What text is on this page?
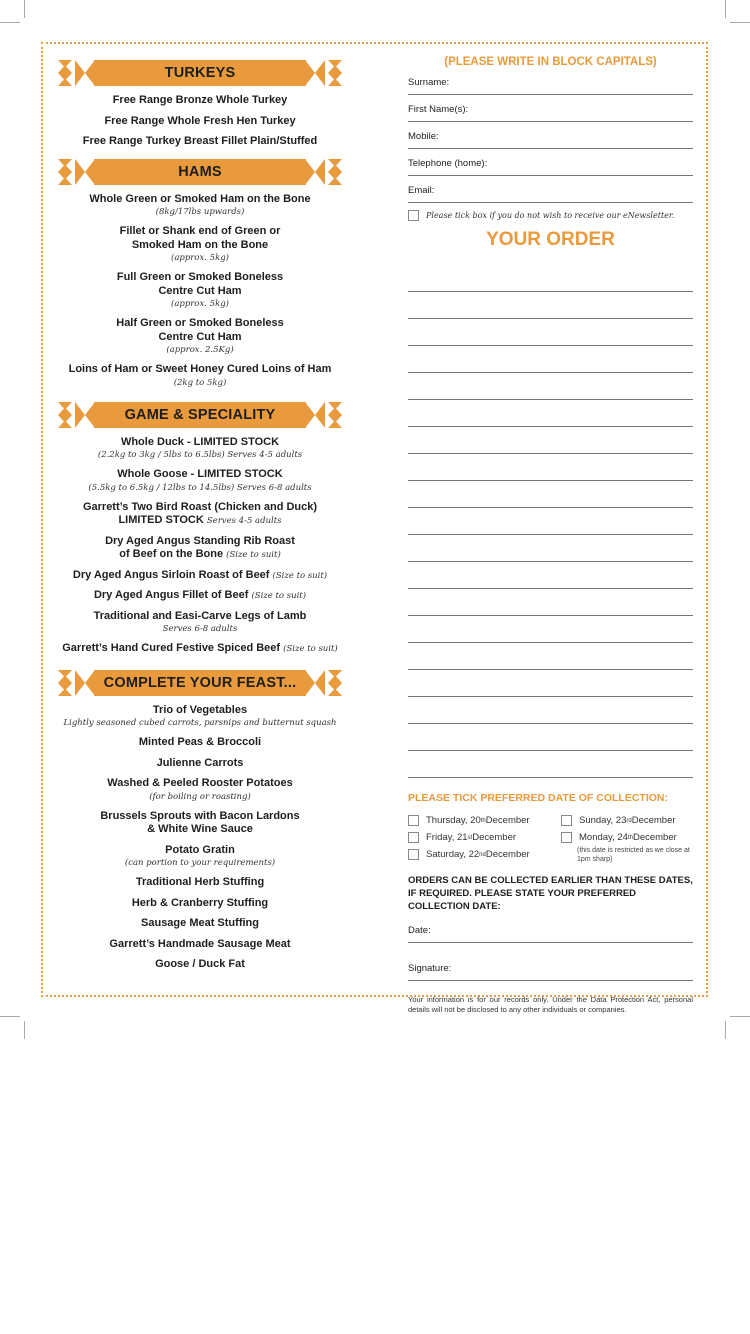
TURKEYS
Free Range Bronze Whole Turkey
Free Range Whole Fresh Hen Turkey
Free Range Turkey Breast Fillet Plain/Stuffed
HAMS
Whole Green or Smoked Ham on the Bone
(8kg/17lbs upwards)
Fillet or Shank end of Green or
Smoked Ham on the Bone
(approx. 5kg)
Full Green or Smoked Boneless
Centre Cut Ham
(approx. 5kg)
Half Green or Smoked Boneless
Centre Cut Ham
(approx. 2.5Kg)
Loins of Ham or Sweet Honey Cured Loins of Ham
(2kg to 5kg)
GAME & SPECIALITY
Whole Duck - LIMITED STOCK
(2.2kg to 3kg / 5lbs to 6.5lbs) Serves 4-5 adults
Whole Goose - LIMITED STOCK
(5.5kg to 6.5kg / 12lbs to 14.5lbs) Serves 6-8 adults
Garrett’s Two Bird Roast (Chicken and Duck)
LIMITED STOCK Serves 4-5 adults
Dry Aged Angus Standing Rib Roast
of Beef on the Bone (Size to suit)
Dry Aged Angus Sirloin Roast of Beef (Size to suit)
Dry Aged Angus Fillet of Beef (Size to suit)
Traditional and Easi-Carve Legs of Lamb
Serves 6-8 adults
Garrett’s Hand Cured Festive Spiced Beef (Size to suit)
COMPLETE YOUR FEAST...
Trio of Vegetables
Lightly seasoned cubed carrots, parsnips and butternut squash
Minted Peas & Broccoli
Julienne Carrots
Washed & Peeled Rooster Potatoes
(for boiling or roasting)
Brussels Sprouts with Bacon Lardons
& White Wine Sauce
Potato Gratin
(can portion to your requirements)
Traditional Herb Stuffing
Herb & Cranberry Stuffing
Sausage Meat Stuffing
Garrett’s Handmade Sausage Meat
Goose / Duck Fat
(PLEASE WRITE IN BLOCK CAPITALS)
Surname:
First Name(s):
Mobile:
Telephone (home):
Email:
Please tick box if you do not wish to receive our eNewsletter.
YOUR ORDER
PLEASE TICK PREFERRED DATE OF COLLECTION:
Thursday, 20 th December
Friday, 21 st December
Saturday, 22 nd December
Sunday, 23 rd December
Monday, 24 th December
(this date is restricted as we close at 1pm sharp)
ORDERS CAN BE COLLECTED EARLIER THAN THESE DATES, IF REQUIRED. PLEASE STATE YOUR PREFERRED COLLECTION DATE:
Date:
Signature:
Your information is for our records only. Under the Data Protection Act, personal details will not be disclosed to any other individuals or companies.
